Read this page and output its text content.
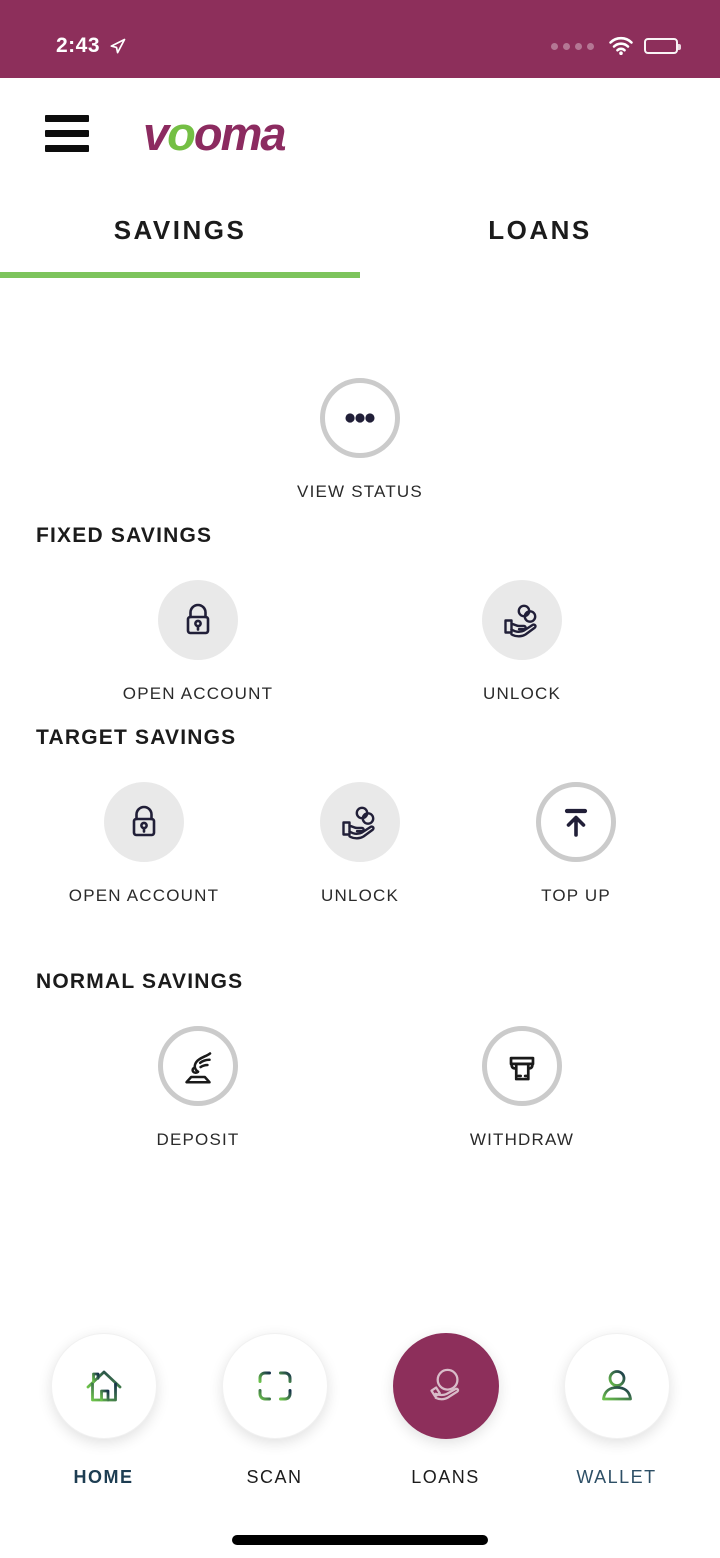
2:43
vooma
SAVINGS	LOANS
VIEW STATUS
FIXED SAVINGS
OPEN ACCOUNT	UNLOCK
TARGET SAVINGS
OPEN ACCOUNT	UNLOCK	TOP UP
NORMAL SAVINGS
DEPOSIT	WITHDRAW
HOME	SCAN	LOANS	WALLET
